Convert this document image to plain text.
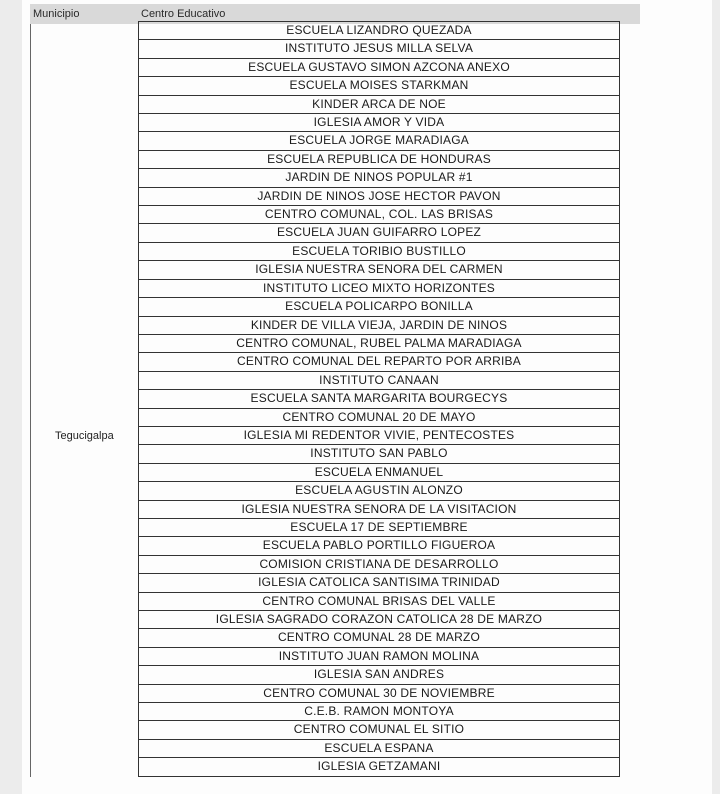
Municipio	Centro Educativo
Tegucigalpa
ESCUELA LIZANDRO QUEZADA
INSTITUTO JESUS MILLA SELVA
ESCUELA GUSTAVO SIMON AZCONA ANEXO
ESCUELA MOISES STARKMAN
KINDER ARCA DE NOE
IGLESIA AMOR Y VIDA
ESCUELA JORGE MARADIAGA
ESCUELA REPUBLICA DE HONDURAS
JARDIN DE NINOS POPULAR #1
JARDIN DE NINOS JOSE HECTOR PAVON
CENTRO COMUNAL, COL. LAS BRISAS
ESCUELA JUAN GUIFARRO LOPEZ
ESCUELA TORIBIO BUSTILLO
IGLESIA NUESTRA SENORA DEL CARMEN
INSTITUTO LICEO MIXTO HORIZONTES
ESCUELA POLICARPO BONILLA
KINDER DE VILLA VIEJA, JARDIN DE NINOS
CENTRO COMUNAL, RUBEL PALMA MARADIAGA
CENTRO COMUNAL DEL REPARTO POR ARRIBA
INSTITUTO CANAAN
ESCUELA SANTA MARGARITA BOURGECYS
CENTRO COMUNAL 20 DE MAYO
IGLESIA MI REDENTOR VIVIE, PENTECOSTES
INSTITUTO SAN PABLO
ESCUELA ENMANUEL
ESCUELA AGUSTIN ALONZO
IGLESIA NUESTRA SENORA DE LA VISITACION
ESCUELA 17 DE SEPTIEMBRE
ESCUELA PABLO PORTILLO FIGUEROA
COMISION CRISTIANA DE DESARROLLO
IGLESIA CATOLICA SANTISIMA TRINIDAD
CENTRO COMUNAL BRISAS DEL VALLE
IGLESIA SAGRADO CORAZON CATOLICA 28 DE MARZO
CENTRO COMUNAL 28 DE MARZO
INSTITUTO JUAN RAMON MOLINA
IGLESIA SAN ANDRES
CENTRO COMUNAL 30 DE NOVIEMBRE
C.E.B. RAMON MONTOYA
CENTRO COMUNAL EL SITIO
ESCUELA ESPANA
IGLESIA GETZAMANI
